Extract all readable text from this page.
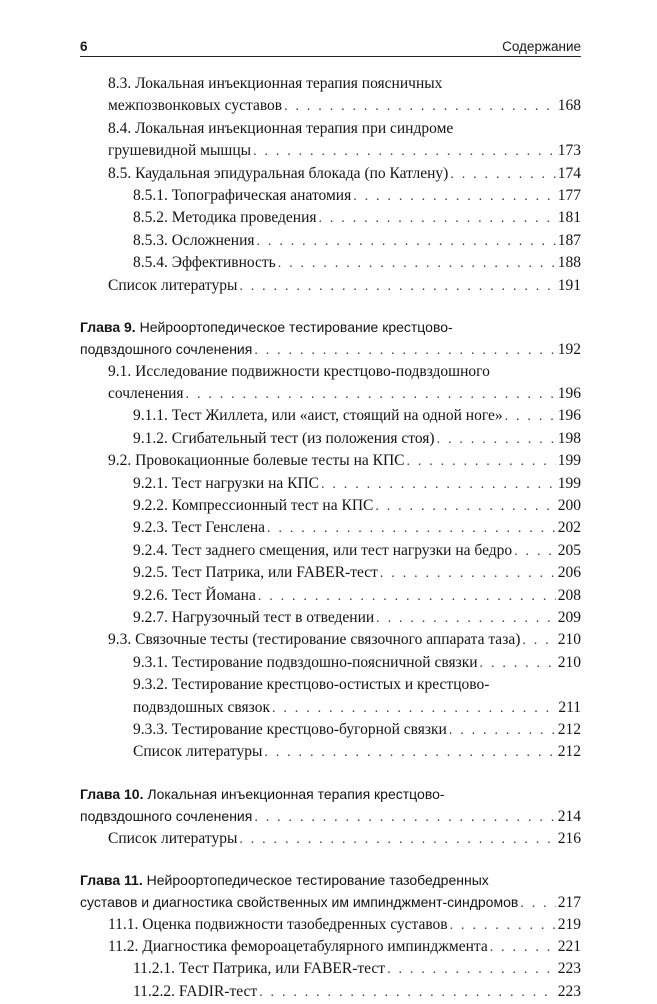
6	Содержание
8.3. Локальная инъекционная терапия поясничных
межпозвонковых суставов . . .	168
8.4. Локальная инъекционная терапия при синдроме
грушевидной мышцы . . .	173
8.5. Каудальная эпидуральная блокада (по Катлену) . . .	174
8.5.1. Топографическая анатомия . . .	177
8.5.2. Методика проведения . . .	181
8.5.3. Осложнения . . .	187
8.5.4. Эффективность . . .	188
Список литературы . . .	191
Глава 9. Нейроортопедическое тестирование крестцово-
подвздошного сочленения . . .	192
9.1. Исследование подвижности крестцово-подвздошного
сочленения . . .	196
9.1.1. Тест Жиллета, или «аист, стоящий на одной ноге» . . .	196
9.1.2. Сгибательный тест (из положения стоя) . . .	198
9.2. Провокационные болевые тесты на КПС . . .	199
9.2.1. Тест нагрузки на КПС . . .	199
9.2.2. Компрессионный тест на КПС . . .	200
9.2.3. Тест Генслена . . .	202
9.2.4. Тест заднего смещения, или тест нагрузки на бедро . . .	205
9.2.5. Тест Патрика, или FABER-тест . . .	206
9.2.6. Тест Йомана . . .	208
9.2.7. Нагрузочный тест в отведении . . .	209
9.3. Связочные тесты (тестирование связочного аппарата таза) . . . 210
9.3.1. Тестирование подвздошно-поясничной связки . . .	210
9.3.2. Тестирование крестцово-остистых и крестцово-
подвздошных связок . . .	211
9.3.3. Тестирование крестцово-бугорной связки . . .	212
Список литературы . . .	212
Глава 10. Локальная инъекционная терапия крестцово-
подвздошного сочленения . . .	214
Список литературы . . .	216
Глава 11. Нейроортопедическое тестирование тазобедренных
суставов и диагностика свойственных им импинджмент-синдромов . . .	217
11.1. Оценка подвижности тазобедренных суставов . . .	219
11.2. Диагностика фемороацетабулярного импинджмента . . .	221
11.2.1. Тест Патрика, или FABER-тест . . .	223
11.2.2. FADIR-тест . . .	223
